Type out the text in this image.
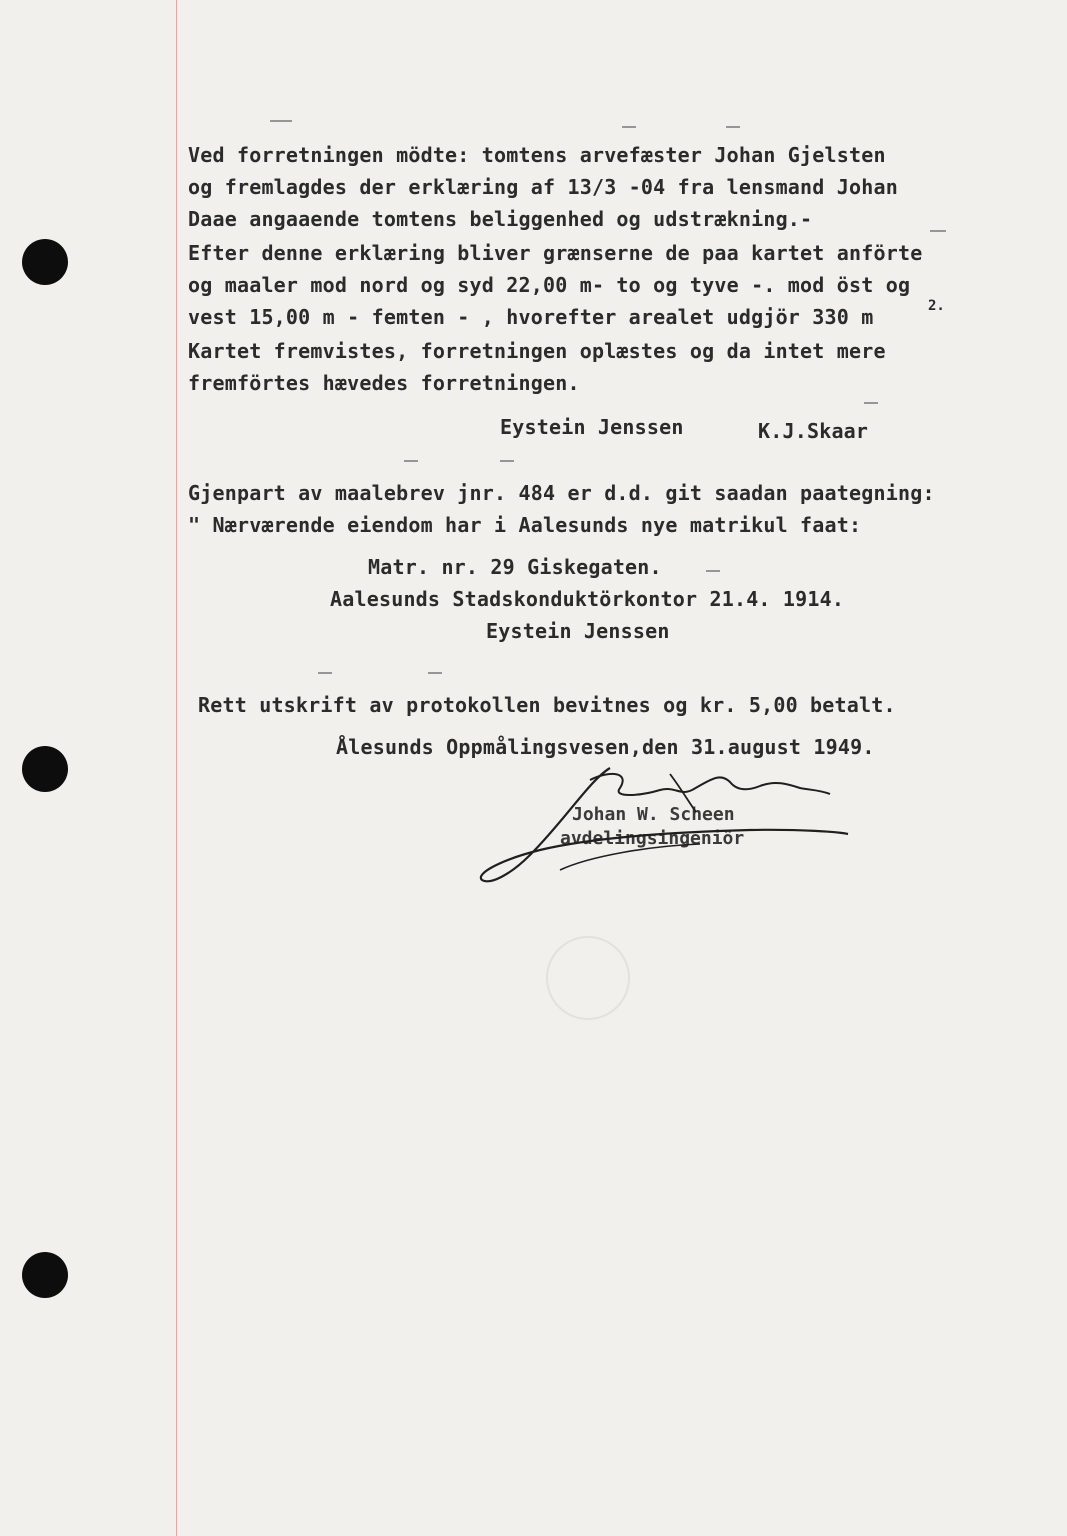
Ved forretningen mödte: tomtens arvefæster Johan Gjelsten
og fremlagdes der erklæring af 13/3 -04 fra lensmand Johan
Daae angaaende tomtens beliggenhed og udstrækning.-
Efter denne erklæring bliver grænserne de paa kartet anförte
og maaler mod nord og syd 22,00 m- to og tyve -. mod öst og
vest 15,00 m - femten - , hvorefter arealet udgjör 330 m	2.
Kartet fremvistes, forretningen oplæstes og da intet mere
fremförtes hævedes forretningen.
Eystein Jenssen	K.J.Skaar
Gjenpart av maalebrev jnr. 484 er d.d. git saadan paategning:
" Nærværende eiendom har i Aalesunds nye matrikul faat:
Matr. nr. 29 Giskegaten.
Aalesunds Stadskonduktörkontor 21.4. 1914.
Eystein Jenssen
Rett utskrift av protokollen bevitnes og kr. 5,00 betalt.
Ålesunds Oppmålingsvesen,den 31.august 1949.
Johan W. Scheen
avdelingsingeniör
